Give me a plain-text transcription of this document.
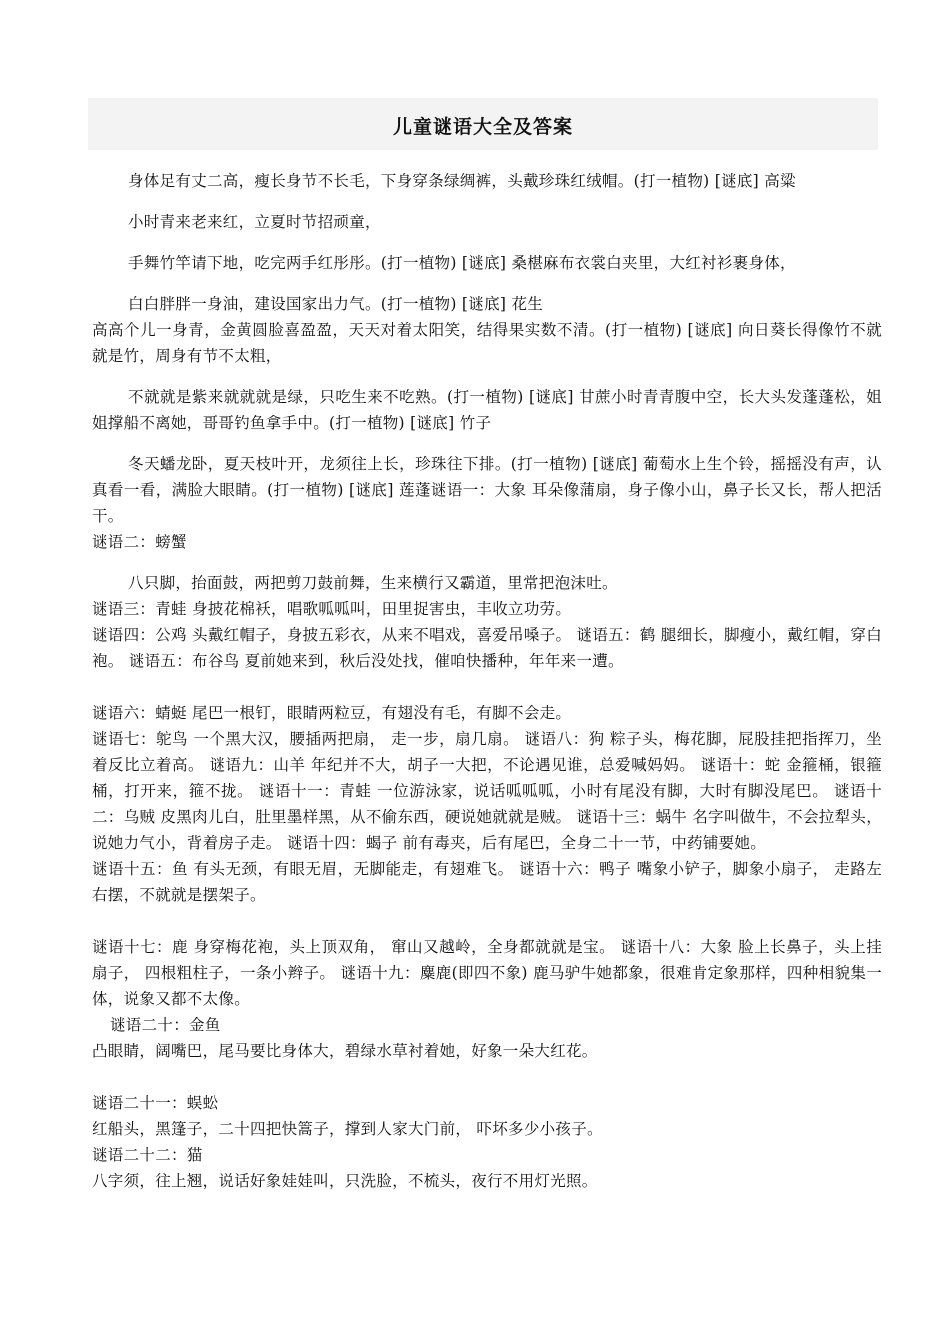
儿童谜语大全及答案

身体足有丈二高，瘦长身节不长毛，下身穿条绿绸裤，头戴珍珠红绒帽。(打一植物) [谜底] 高粱

小时青来老来红，立夏时节招顽童，

手舞竹竿请下地，吃完两手红彤彤。(打一植物) [谜底] 桑椹麻布衣裳白夹里，大红衬衫裹身体，

白白胖胖一身油，建设国家出力气。(打一植物) [谜底] 花生

高高个儿一身青，金黄圆脸喜盈盈，天天对着太阳笑，结得果实数不清。(打一植物) [谜底] 向日葵长得像竹不就就是竹，周身有节不太粗，

不就就是紫来就就就是绿，只吃生来不吃熟。(打一植物) [谜底] 甘蔗小时青青腹中空，长大头发蓬蓬松，姐姐撑船不离她，哥哥钓鱼拿手中。(打一植物) [谜底] 竹子

冬天蟠龙卧，夏天枝叶开，龙须往上长，珍珠往下排。(打一植物) [谜底] 葡萄水上生个铃，摇摇没有声，认真看一看，满脸大眼睛。(打一植物) [谜底] 莲蓬谜语一：大象 耳朵像蒲扇，身子像小山，鼻子长又长，帮人把活干。

谜语二：螃蟹

八只脚，抬面鼓，两把剪刀鼓前舞，生来横行又霸道，里常把泡沫吐。

谜语三：青蛙 身披花棉袄，唱歌呱呱叫，田里捉害虫，丰收立功劳。

谜语四：公鸡 头戴红帽子，身披五彩衣，从来不唱戏，喜爱吊嗓子。 谜语五：鹤 腿细长，脚瘦小，戴红帽，穿白袍。 谜语五：布谷鸟 夏前她来到，秋后没处找，催咱快播种，年年来一遭。

谜语六：蜻蜓 尾巴一根钉，眼睛两粒豆，有翅没有毛，有脚不会走。

谜语七：鸵鸟 一个黑大汉，腰插两把扇， 走一步，扇几扇。 谜语八：狗 粽子头，梅花脚，屁股挂把指挥刀，坐着反比立着高。 谜语九：山羊 年纪并不大，胡子一大把，不论遇见谁，总爱喊妈妈。 谜语十：蛇 金箍桶，银箍桶，打开来，箍不拢。 谜语十一：青蛙 一位游泳家，说话呱呱呱，小时有尾没有脚，大时有脚没尾巴。 谜语十二：乌贼 皮黑肉儿白，肚里墨样黑，从不偷东西，硬说她就就是贼。 谜语十三：蜗牛 名字叫做牛，不会拉犁头，说她力气小，背着房子走。 谜语十四：蝎子 前有毒夹，后有尾巴，全身二十一节，中药铺要她。

谜语十五：鱼 有头无颈，有眼无眉，无脚能走，有翅难飞。 谜语十六：鸭子 嘴象小铲子，脚象小扇子， 走路左右摆，不就就是摆架子。

谜语十七：鹿 身穿梅花袍，头上顶双角， 窜山又越岭，全身都就就是宝。 谜语十八：大象 脸上长鼻子，头上挂扇子， 四根粗柱子，一条小辫子。 谜语十九：麋鹿(即四不象) 鹿马驴牛她都象，很难肯定象那样，四种相貌集一体，说象又都不太像。

谜语二十：金鱼

凸眼睛，阔嘴巴，尾马要比身体大，碧绿水草衬着她，好象一朵大红花。

谜语二十一：蜈蚣

红船头，黑篷子，二十四把快篙子，撑到人家大门前， 吓坏多少小孩子。

谜语二十二：猫

八字须，往上翘，说话好象娃娃叫，只洗脸，不梳头，夜行不用灯光照。
